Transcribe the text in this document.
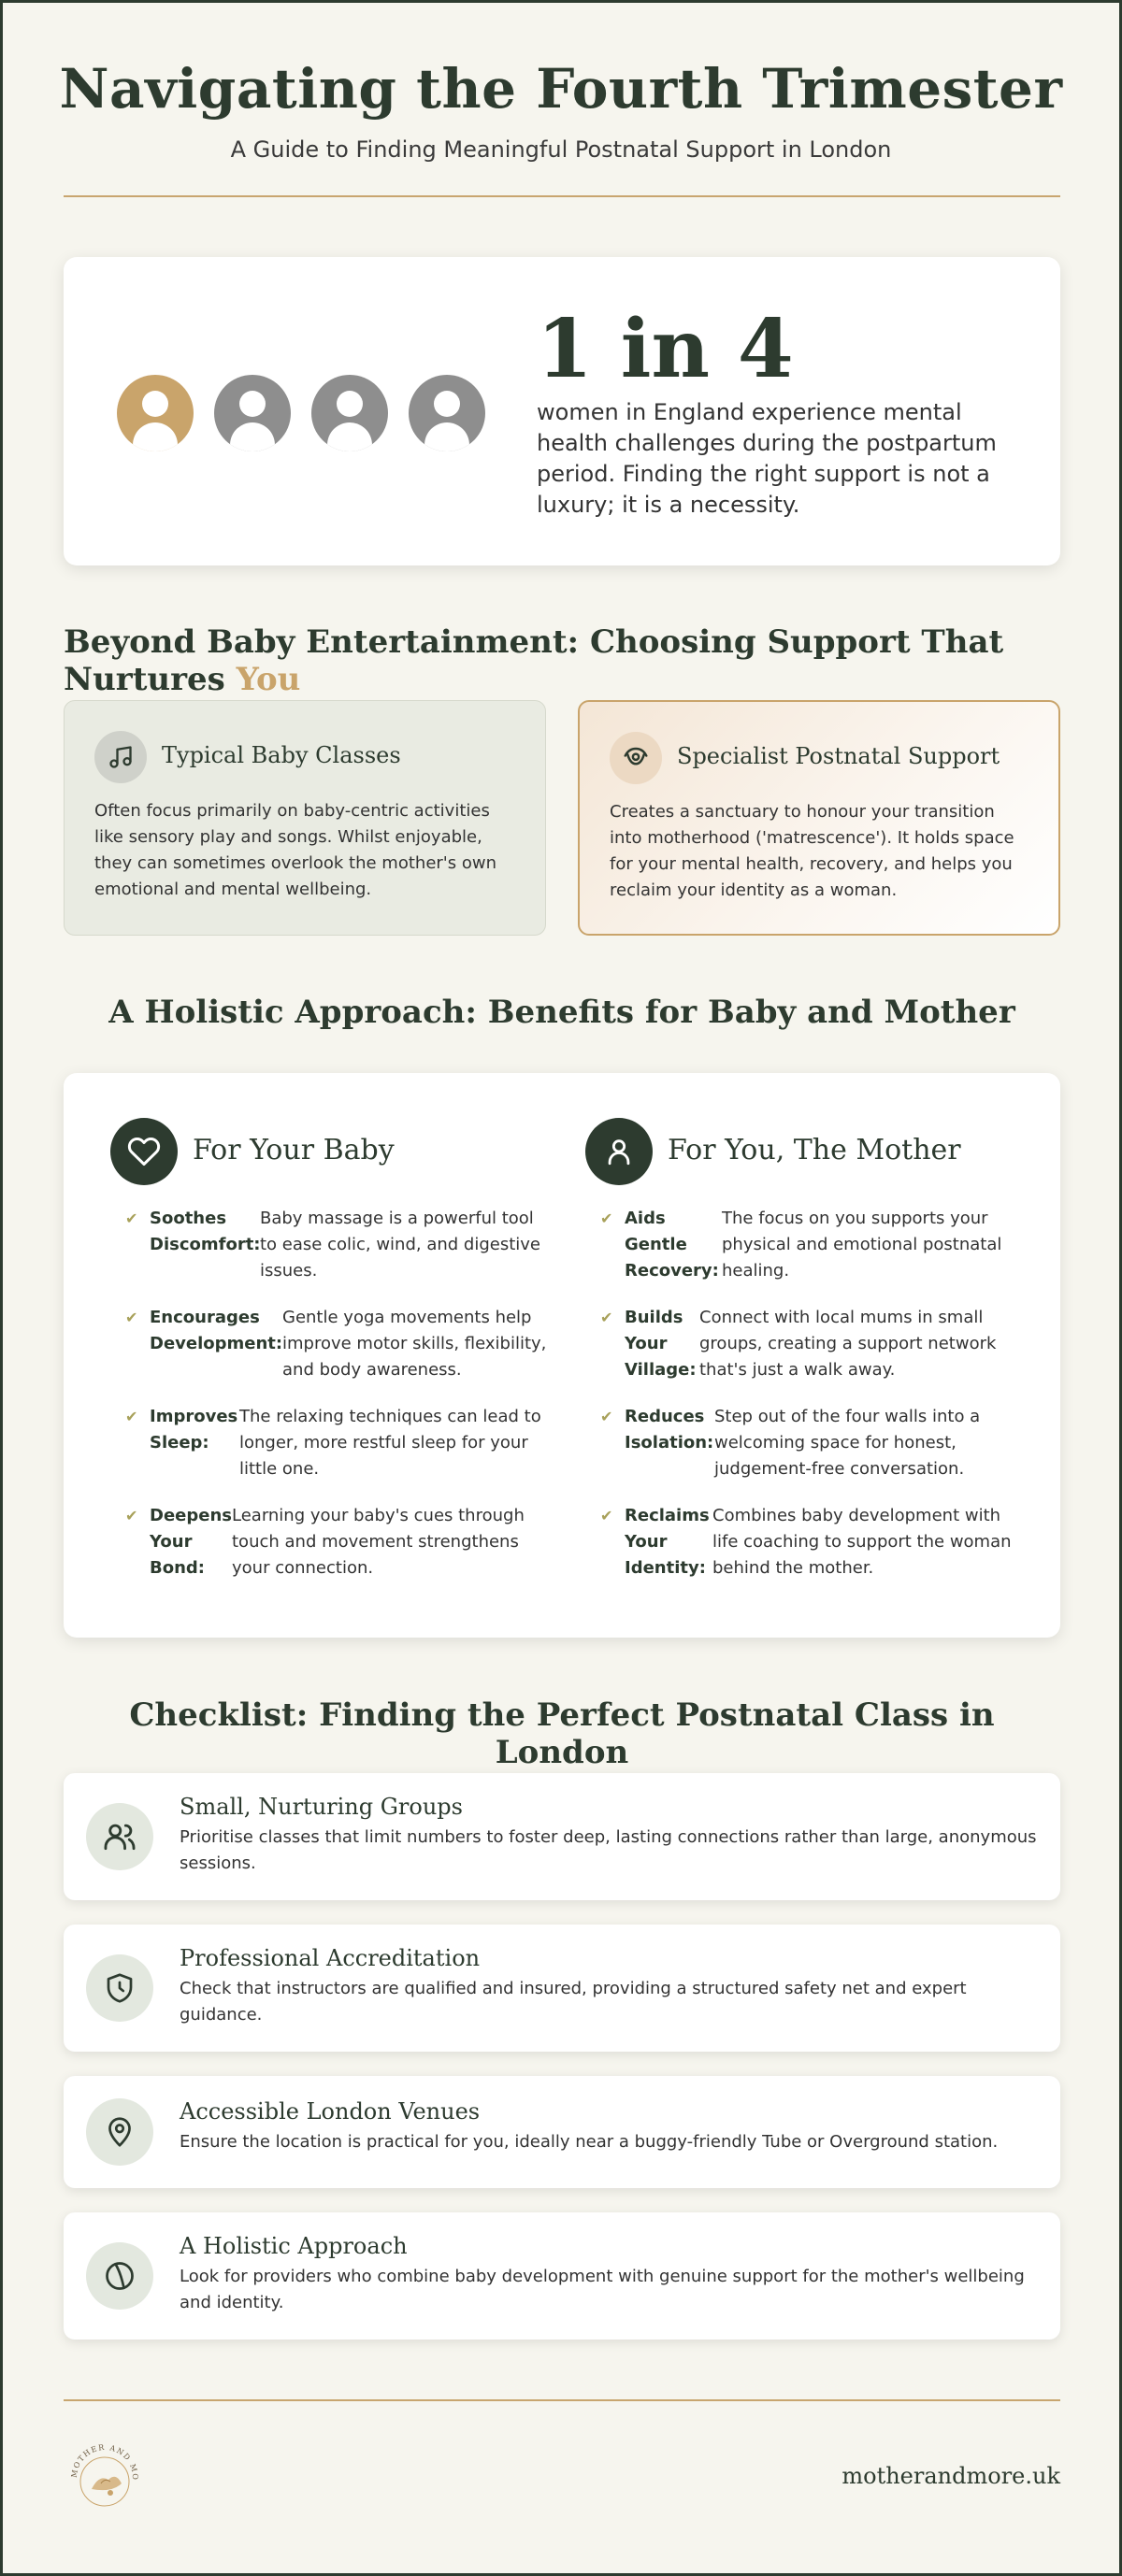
Navigating the Fourth Trimester
A Guide to Finding Meaningful Postnatal Support in London
1 in 4
women in England experience mental health challenges during the postpartum period. Finding the right support is not a luxury; it is a necessity.
Beyond Baby Entertainment: Choosing Support That Nurtures You
Typical Baby Classes
Often focus primarily on baby-centric activities like sensory play and songs. Whilst enjoyable, they can sometimes overlook the mother's own emotional and mental wellbeing.
Specialist Postnatal Support
Creates a sanctuary to honour your transition into motherhood ('matrescence'). It holds space for your mental health, recovery, and helps you reclaim your identity as a woman.
A Holistic Approach: Benefits for Baby and Mother
For Your Baby
✔ Soothes Discomfort:
Baby massage is a powerful tool to ease colic, wind, and digestive issues.
✔ Encourages Development:
Gentle yoga movements help improve motor skills, flexibility, and body awareness.
✔ Improves Sleep:
The relaxing techniques can lead to longer, more restful sleep for your little one.
✔ Deepens Your Bond:
Learning your baby's cues through touch and movement strengthens your connection.
For You, The Mother
✔ Aids Gentle Recovery:
The focus on you supports your physical and emotional postnatal healing.
✔ Builds Your Village:
Connect with local mums in small groups, creating a support network that's just a walk away.
✔ Reduces Isolation:
Step out of the four walls into a welcoming space for honest, judgement-free conversation.
✔ Reclaims Your Identity:
Combines baby development with life coaching to support the woman behind the mother.
Checklist: Finding the Perfect Postnatal Class in London
Small, Nurturing Groups
Prioritise classes that limit numbers to foster deep, lasting connections rather than large, anonymous sessions.
Professional Accreditation
Check that instructors are qualified and insured, providing a structured safety net and expert guidance.
Accessible London Venues
Ensure the location is practical for you, ideally near a buggy-friendly Tube or Overground station.
A Holistic Approach
Look for providers who combine baby development with genuine support for the mother's wellbeing and identity.
MOTHER AND MO	motherandmore.uk
